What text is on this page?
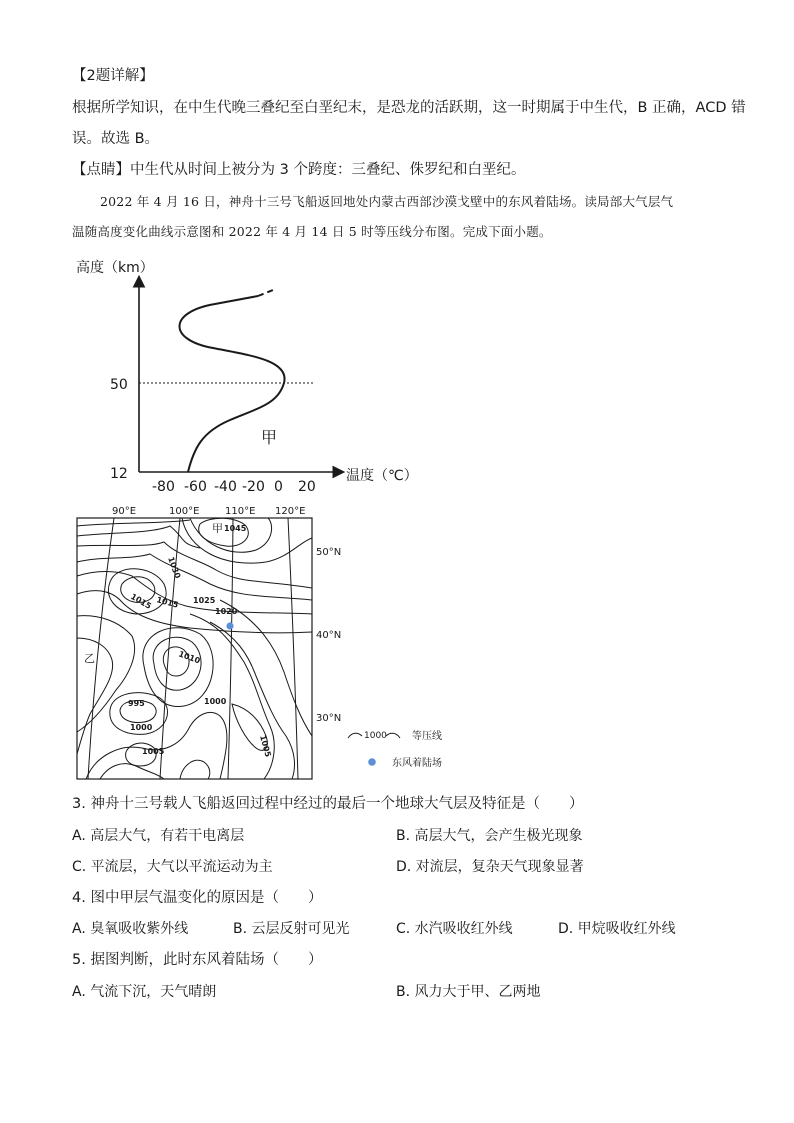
【2题详解】
根据所学知识，在中生代晚三叠纪至白垩纪末，是恐龙的活跃期，这一时期属于中生代，B 正确，ACD 错
误。故选 B。
【点睛】中生代从时间上被分为 3 个跨度：三叠纪、侏罗纪和白垩纪。
2022 年 4 月 16 日，神舟十三号飞船返回地处内蒙古西部沙漠戈壁中的东风着陆场。读局部大气层气
温随高度变化曲线示意图和 2022 年 4 月 14 日 5 时等压线分布图。完成下面小题。
高度（km）
温度（℃）
50
12
-80 -60 -40 -20 0 20
甲
90°E	100°E	110°E 120°E
50°N
40°N
30°N
1045
1030
1015 1015 1025
1020
1010
995
1000
1000
1005
1005
甲
乙
1000	等压线
东风着陆场
3. 神舟十三号载人飞船返回过程中经过的最后一个地球大气层及特征是（　　）
A. 高层大气，有若干电离层	B. 高层大气，会产生极光现象
C. 平流层，大气以平流运动为主	D. 对流层，复杂天气现象显著
4. 图中甲层气温变化的原因是（　　）
A. 臭氧吸收紫外线	B. 云层反射可见光	C. 水汽吸收红外线	D. 甲烷吸收红外线
5. 据图判断，此时东风着陆场（　　）
A. 气流下沉，天气晴朗	B. 风力大于甲、乙两地
